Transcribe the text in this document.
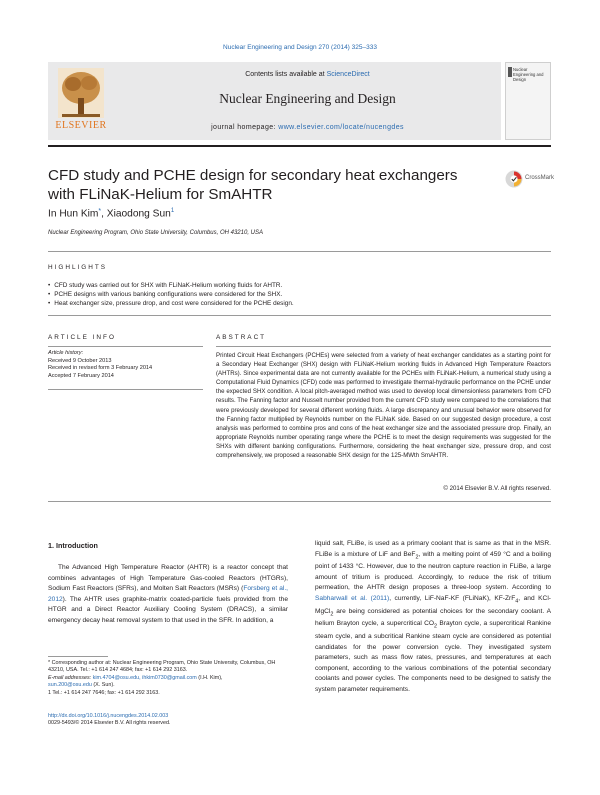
Nuclear Engineering and Design 270 (2014) 325–333
ELSEVIER
Contents lists available at ScienceDirect
Nuclear Engineering and Design
journal homepage: www.elsevier.com/locate/nucengdes
Nuclear Engineering and Design
CFD study and PCHE design for secondary heat exchangers with FLiNaK-Helium for SmAHTR
CrossMark
In Hun Kim*, Xiaodong Sun$^1$
Nuclear Engineering Program, Ohio State University, Columbus, OH 43210, USA
HIGHLIGHTS
• CFD study was carried out for SHX with FLiNaK-Helium working fluids for AHTR.
• PCHE designs with various banking configurations were considered for the SHX.
• Heat exchanger size, pressure drop, and cost were considered for the PCHE design.
ARTICLE INFO
Article history:
Received 9 October 2013
Received in revised form 3 February 2014
Accepted 7 February 2014
ABSTRACT
Printed Circuit Heat Exchangers (PCHEs) were selected from a variety of heat exchanger candidates as a starting point for a Secondary Heat Exchanger (SHX) design with FLiNaK-Helium working fluids in Advanced High Temperature Reactors (AHTRs). Since experimental data are not currently available for the PCHEs with FLiNaK-Helium, a numerical study using a Computational Fluid Dynamics (CFD) code was performed to investigate thermal-hydraulic performance on the PCHE under the expected SHX condition. A local pitch-averaged method was used to develop local dimensionless parameters from CFD results. The Fanning factor and Nusselt number provided from the current CFD study were compared to the correlations that were previously developed for several different working fluids. A large discrepancy and unusual behavior were observed for the Fanning factor multiplied by Reynolds number on the FLiNaK side. Based on our suggested design procedure, a cost analysis was performed to combine pros and cons of the heat exchanger size and the associated pressure drop. Finally, an appropriate Reynolds number operating range where the PCHE is to meet the design requirements was suggested for the SHXs with different banking configurations. Furthermore, considering the heat exchanger size, pressure drop, and cost comprehensively, we proposed a reasonable SHX design for the 125-MWth SmAHTR.
© 2014 Elsevier B.V. All rights reserved.
1. Introduction
The Advanced High Temperature Reactor (AHTR) is a reactor concept that combines advantages of High Temperature Gas-cooled Reactors (HTGRs), Sodium Fast Reactors (SFRs), and Molten Salt Reactors (MSRs) (Forsberg et al., 2012). The AHTR uses graphite-matrix coated-particle fuels provided from the HTGR and a Direct Reactor Auxiliary Cooling System (DRACS), a similar emergency decay heat removal system to that used in the SFR. In addition, a
liquid salt, FLiBe, is used as a primary coolant that is same as that in the MSR. FLiBe is a mixture of LiF and BeF$_2$, with a melting point of 459 °C and a boiling point of 1433 °C. However, due to the neutron capture reaction in FLiBe, a large amount of tritium is produced. Accordingly, to reduce the risk of tritium permeation, the AHTR design proposes a three-loop system. According to Sabharwall et al. (2011), currently, LiF-NaF-KF (FLiNaK), KF-ZrF$_4$, and KCl-MgCl$_2$ are being considered as potential choices for the secondary coolant. A helium Brayton cycle, a supercritical $CO_2$ Brayton cycle, a supercritical Rankine steam cycle, and a subcritical Rankine steam cycle are considered as potential candidates for the power conversion cycle. They investigated system parameters, such as mass flow rates, pressures, and temperatures at each component, according to the various combinations of the potential secondary coolants and power cycles. The components need to be designed to satisfy the system parameter requirements.
* Corresponding author at: Nuclear Engineering Program, Ohio State University, Columbus, OH 43210, USA. Tel.: +1 614 247 4684; fax: +1 614 292 3163.
E-mail addresses: kim.4704@osu.edu, ihkim0730@gmail.com (I.H. Kim),
sun.200@osu.edu (X. Sun).
1 Tel.: +1 614 247 7646; fax: +1 614 292 3163.
http://dx.doi.org/10.1016/j.nucengdes.2014.02.003
0029-5493/© 2014 Elsevier B.V. All rights reserved.
